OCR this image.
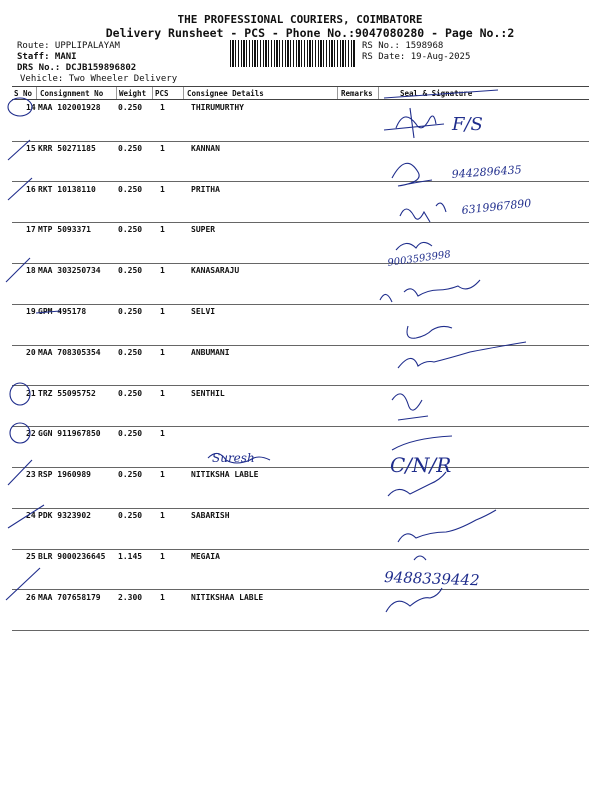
THE PROFESSIONAL COURIERS, COIMBATORE
Delivery Runsheet - PCS - Phone No.:9047080280 - Page No.:2
Route: UPPLIPALAYAM
Staff: MANI
DRS No.: DCJB159896802
Vehicle: Two Wheeler Delivery
RS No.: 1598968
RS Date: 19-Aug-2025
S No Consignment No Weight PCS Consignee Details	Remarks	Seal & Signature
14 MAA 102001928 0.250 1	THIRUMURTHY
15 KRR 50271185	0.250 1	KANNAN
16 RKT 10138110	0.250 1	PRITHA
17 MTP 5093371	0.250 1	SUPER
18 MAA 303250734 0.250 1	KANASARAJU
19 GPM 495178	0.250 1	SELVI
20 MAA 708305354 0.250 1	ANBUMANI
21 TRZ 55095752	0.250 1	SENTHIL
22 GGN 911967850 0.250 1
23 RSP 1960989	0.250 1	NITIKSHA LABLE
24 PDK 9323902	0.250 1	SABARISH
25 BLR 9000236645 1.145 1	MEGAIA
26 MAA 707658179 2.300 1	NITIKSHAA LABLE
F/S
9442896435
6319967890
9003593998
Suresh	C/N/R
9488339442
